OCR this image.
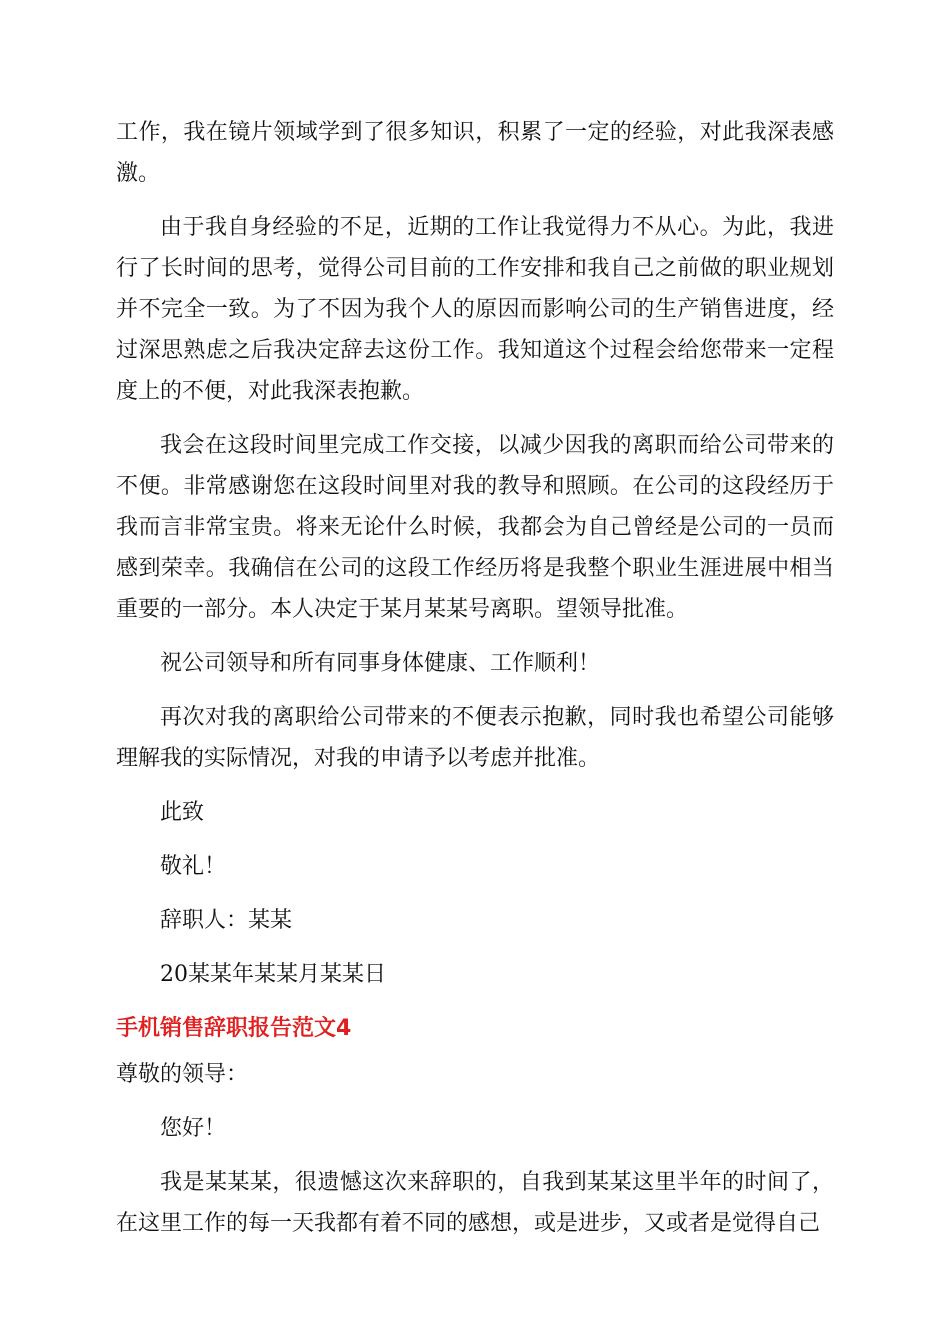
工作，我在镜片领域学到了很多知识，积累了一定的经验，对此我深表感激。

由于我自身经验的不足，近期的工作让我觉得力不从心。为此，我进行了长时间的思考，觉得公司目前的工作安排和我自己之前做的职业规划并不完全一致。为了不因为我个人的原因而影响公司的生产销售进度，经过深思熟虑之后我决定辞去这份工作。我知道这个过程会给您带来一定程度上的不便，对此我深表抱歉。

我会在这段时间里完成工作交接，以减少因我的离职而给公司带来的不便。非常感谢您在这段时间里对我的教导和照顾。在公司的这段经历于我而言非常宝贵。将来无论什么时候，我都会为自己曾经是公司的一员而感到荣幸。我确信在公司的这段工作经历将是我整个职业生涯进展中相当重要的一部分。本人决定于某月某某号离职。望领导批准。

祝公司领导和所有同事身体健康、工作顺利！

再次对我的离职给公司带来的不便表示抱歉，同时我也希望公司能够理解我的实际情况，对我的申请予以考虑并批准。

此致

敬礼！

辞职人：某某

20某某年某某月某某日

手机销售辞职报告范文4

尊敬的领导：

您好！

我是某某某，很遗憾这次来辞职的，自我到某某这里半年的时间了，在这里工作的每一天我都有着不同的感想，或是进步，又或者是觉得自己
